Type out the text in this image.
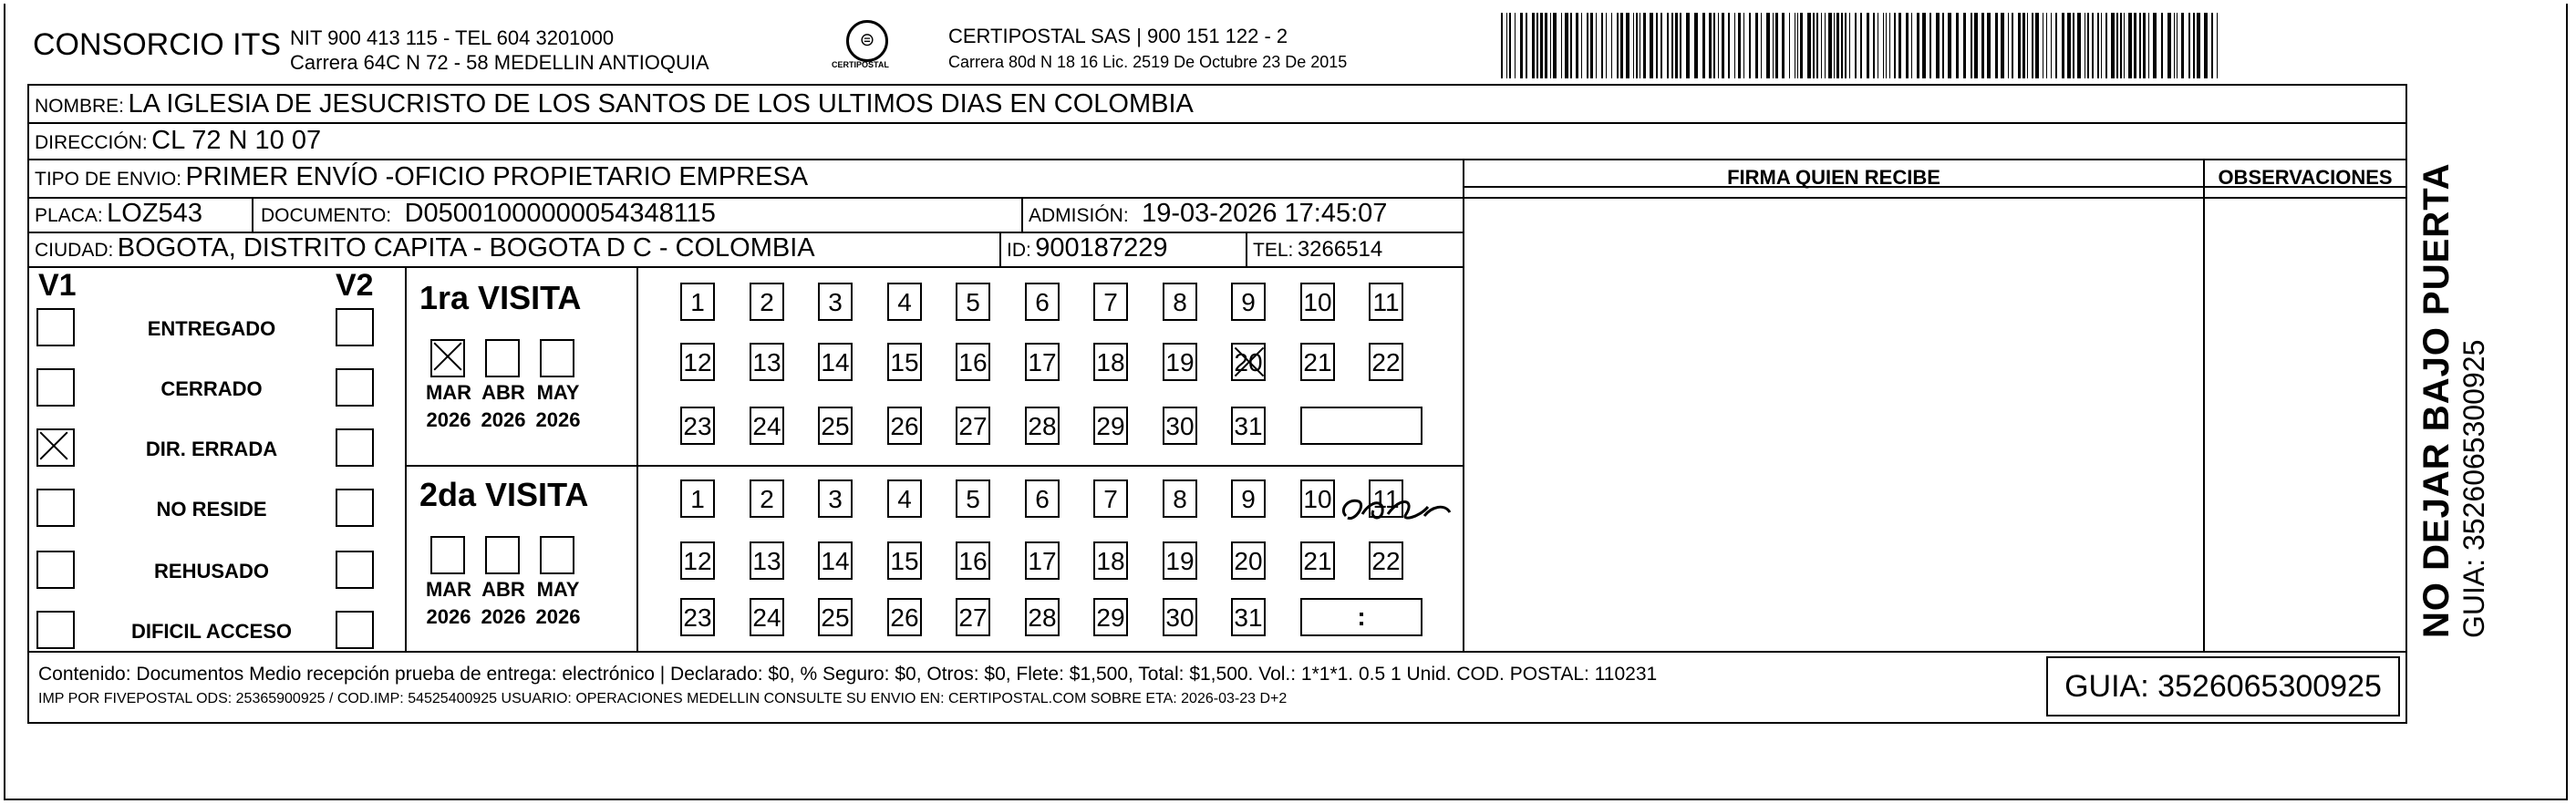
CONSORCIO ITS NIT 900 413 115 - TEL 604 3201000
Carrera 64C N 72 - 58 MEDELLIN ANTIOQUIA
⊜
CERTIPOSTAL
CERTIPOSTAL SAS | 900 151 122 - 2
Carrera 80d N 18 16 Lic. 2519 De Octubre 23 De 2015
NOMBRE: LA IGLESIA DE JESUCRISTO DE LOS SANTOS DE LOS ULTIMOS DIAS EN COLOMBIA
DIRECCIÓN: CL 72 N 10 07
TIPO DE ENVIO: PRIMER ENVÍO -OFICIO PROPIETARIO EMPRESA	FIRMA QUIEN RECIBE	OBSERVACIONES
PLACA: LOZ543	DOCUMENTO: D05001000000054348115	ADMISIÓN: 19-03-2026 17:45:07
CIUDAD: BOGOTA, DISTRITO CAPITA - BOGOTA D C - COLOMBIA	ID: 900187229	TEL: 3266514
V1	V2
ENTREGADO
CERRADO
DIR. ERRADA
NO RESIDE
REHUSADO
DIFICIL ACCESO
1ra VISITA
MAR
2026
ABR
2026
MAY
2026
1	2	3	4	5	6	7	8	9	10 11
12 13 14 15 16 17 18 19 20 21 22
23 24 25 26 27 28 29 30 31
2da VISITA
MAR
2026
ABR
2026
MAY
2026
1	2	3	4	5	6	7	8	9	10 11
12 13 14 15 16 17 18 19 20 21 22
23 24 25 26 27 28 29 30 31	:
Contenido: Documentos Medio recepción prueba de entrega: electrónico | Declarado: $0, % Seguro: $0, Otros: $0, Flete: $1,500, Total: $1,500. Vol.: 1*1*1. 0.5 1 Unid. COD. POSTAL: 110231
IMP POR FIVEPOSTAL ODS: 25365900925 / COD.IMP: 54525400925 USUARIO: OPERACIONES MEDELLIN CONSULTE SU ENVIO EN: CERTIPOSTAL.COM SOBRE ETA: 2026-03-23 D+2	GUIA: 3526065300925
NO DEJAR BAJO PUERTA GUIA: 3526065300925
